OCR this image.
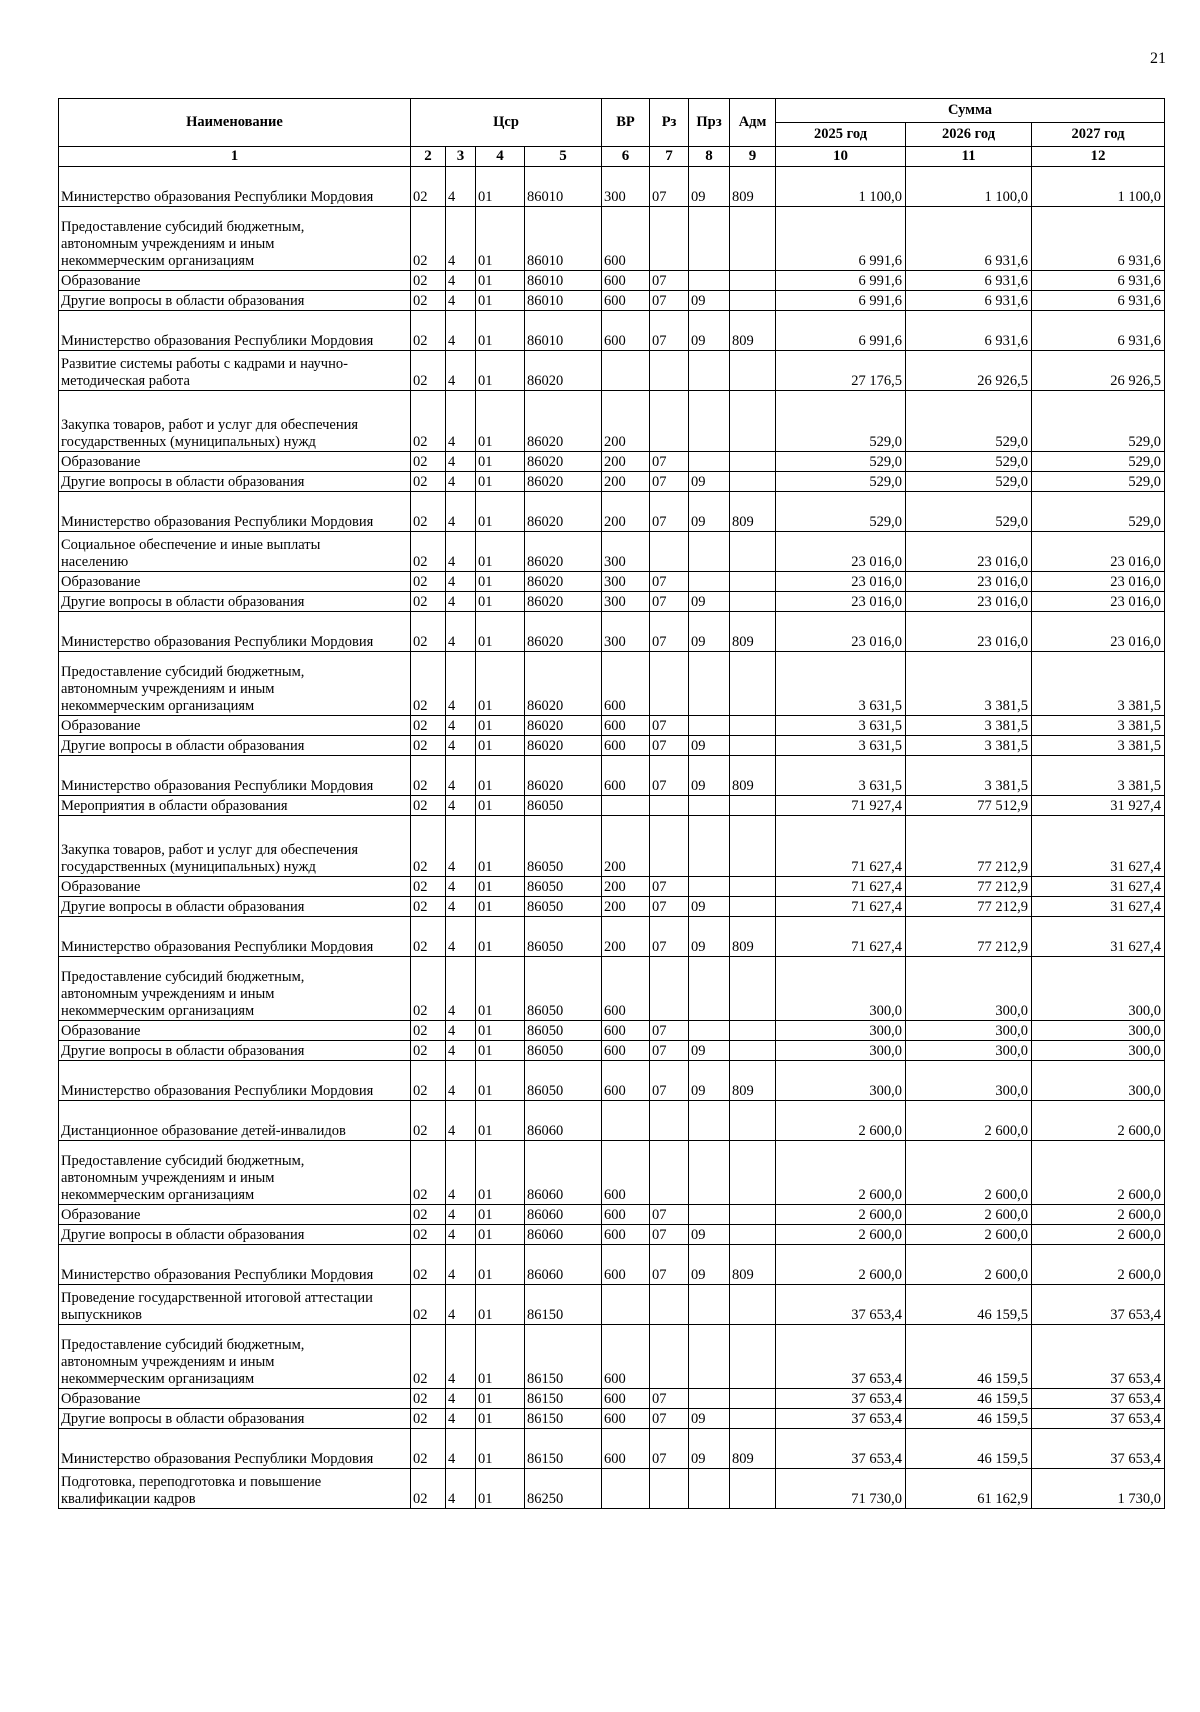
21
Наименование	Цср				ВР	Рз	Прз	Адм	Сумма		
									2025 год	2026 год	2027 год
1	2	3	4	5	6	7	8	9	10	11	12
Министерство образования Республики Мордовия	02	4	01	86010	300	07	09	809	1 100,0	1 100,0	1 100,0
Предоставление субсидий бюджетным,
автономным учреждениям и иным
некоммерческим организациям	02	4	01	86010	600				6 991,6	6 931,6	6 931,6
Образование	02	4	01	86010	600	07			6 991,6	6 931,6	6 931,6
Другие вопросы в области образования	02	4	01	86010	600	07	09		6 991,6	6 931,6	6 931,6
Министерство образования Республики Мордовия	02	4	01	86010	600	07	09	809	6 991,6	6 931,6	6 931,6
Развитие системы работы с кадрами и научно-
методическая работа	02	4	01	86020					27 176,5	26 926,5	26 926,5
Закупка товаров, работ и услуг для обеспечения
государственных (муниципальных) нужд	02	4	01	86020	200				529,0	529,0	529,0
Образование	02	4	01	86020	200	07			529,0	529,0	529,0
Другие вопросы в области образования	02	4	01	86020	200	07	09		529,0	529,0	529,0
Министерство образования Республики Мордовия	02	4	01	86020	200	07	09	809	529,0	529,0	529,0
Социальное обеспечение и иные выплаты
населению	02	4	01	86020	300				23 016,0	23 016,0	23 016,0
Образование	02	4	01	86020	300	07			23 016,0	23 016,0	23 016,0
Другие вопросы в области образования	02	4	01	86020	300	07	09		23 016,0	23 016,0	23 016,0
Министерство образования Республики Мордовия	02	4	01	86020	300	07	09	809	23 016,0	23 016,0	23 016,0
Предоставление субсидий бюджетным,
автономным учреждениям и иным
некоммерческим организациям	02	4	01	86020	600				3 631,5	3 381,5	3 381,5
Образование	02	4	01	86020	600	07			3 631,5	3 381,5	3 381,5
Другие вопросы в области образования	02	4	01	86020	600	07	09		3 631,5	3 381,5	3 381,5
Министерство образования Республики Мордовия	02	4	01	86020	600	07	09	809	3 631,5	3 381,5	3 381,5
Мероприятия в области образования	02	4	01	86050					71 927,4	77 512,9	31 927,4
Закупка товаров, работ и услуг для обеспечения
государственных (муниципальных) нужд	02	4	01	86050	200				71 627,4	77 212,9	31 627,4
Образование	02	4	01	86050	200	07			71 627,4	77 212,9	31 627,4
Другие вопросы в области образования	02	4	01	86050	200	07	09		71 627,4	77 212,9	31 627,4
Министерство образования Республики Мордовия	02	4	01	86050	200	07	09	809	71 627,4	77 212,9	31 627,4
Предоставление субсидий бюджетным,
автономным учреждениям и иным
некоммерческим организациям	02	4	01	86050	600				300,0	300,0	300,0
Образование	02	4	01	86050	600	07			300,0	300,0	300,0
Другие вопросы в области образования	02	4	01	86050	600	07	09		300,0	300,0	300,0
Министерство образования Республики Мордовия	02	4	01	86050	600	07	09	809	300,0	300,0	300,0
Дистанционное образование детей-инвалидов	02	4	01	86060					2 600,0	2 600,0	2 600,0
Предоставление субсидий бюджетным,
автономным учреждениям и иным
некоммерческим организациям	02	4	01	86060	600				2 600,0	2 600,0	2 600,0
Образование	02	4	01	86060	600	07			2 600,0	2 600,0	2 600,0
Другие вопросы в области образования	02	4	01	86060	600	07	09		2 600,0	2 600,0	2 600,0
Министерство образования Республики Мордовия	02	4	01	86060	600	07	09	809	2 600,0	2 600,0	2 600,0
Проведение государственной итоговой аттестации
выпускников	02	4	01	86150					37 653,4	46 159,5	37 653,4
Предоставление субсидий бюджетным,
автономным учреждениям и иным
некоммерческим организациям	02	4	01	86150	600				37 653,4	46 159,5	37 653,4
Образование	02	4	01	86150	600	07			37 653,4	46 159,5	37 653,4
Другие вопросы в области образования	02	4	01	86150	600	07	09		37 653,4	46 159,5	37 653,4
Министерство образования Республики Мордовия	02	4	01	86150	600	07	09	809	37 653,4	46 159,5	37 653,4
Подготовка, переподготовка и повышение
квалификации кадров	02	4	01	86250					71 730,0	61 162,9	1 730,0
